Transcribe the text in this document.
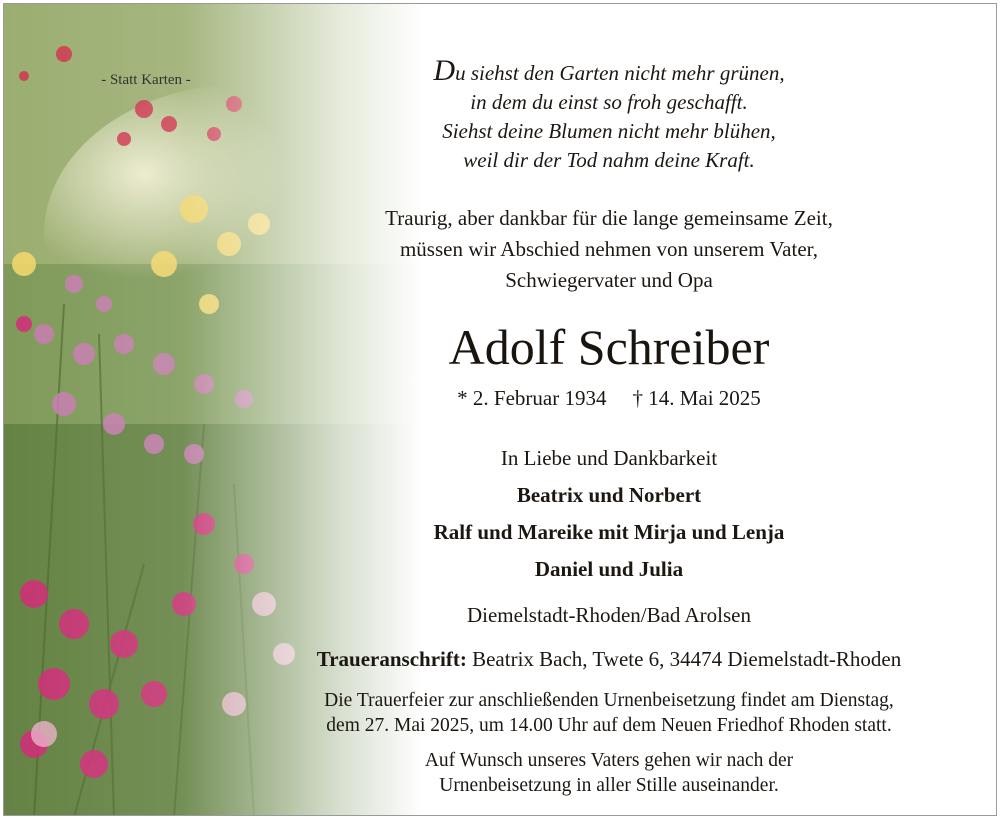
- Statt Karten -	Du siehst den Garten nicht mehr grünen,
in dem du einst so froh geschafft.
Siehst deine Blumen nicht mehr blühen,
weil dir der Tod nahm deine Kraft.
Traurig, aber dankbar für die lange gemeinsame Zeit,
müssen wir Abschied nehmen von unserem Vater,
Schwiegervater und Opa
Adolf Schreiber
* 2. Februar 1934 † 14. Mai 2025
In Liebe und Dankbarkeit
Beatrix und Norbert
Ralf und Mareike mit Mirja und Lenja
Daniel und Julia
Diemelstadt-Rhoden/Bad Arolsen
Traueranschrift: Beatrix Bach, Twete 6, 34474 Diemelstadt-Rhoden
Die Trauerfeier zur anschließenden Urnenbeisetzung findet am Dienstag,
dem 27. Mai 2025, um 14.00 Uhr auf dem Neuen Friedhof Rhoden statt.
Auf Wunsch unseres Vaters gehen wir nach der
Urnenbeisetzung in aller Stille auseinander.
